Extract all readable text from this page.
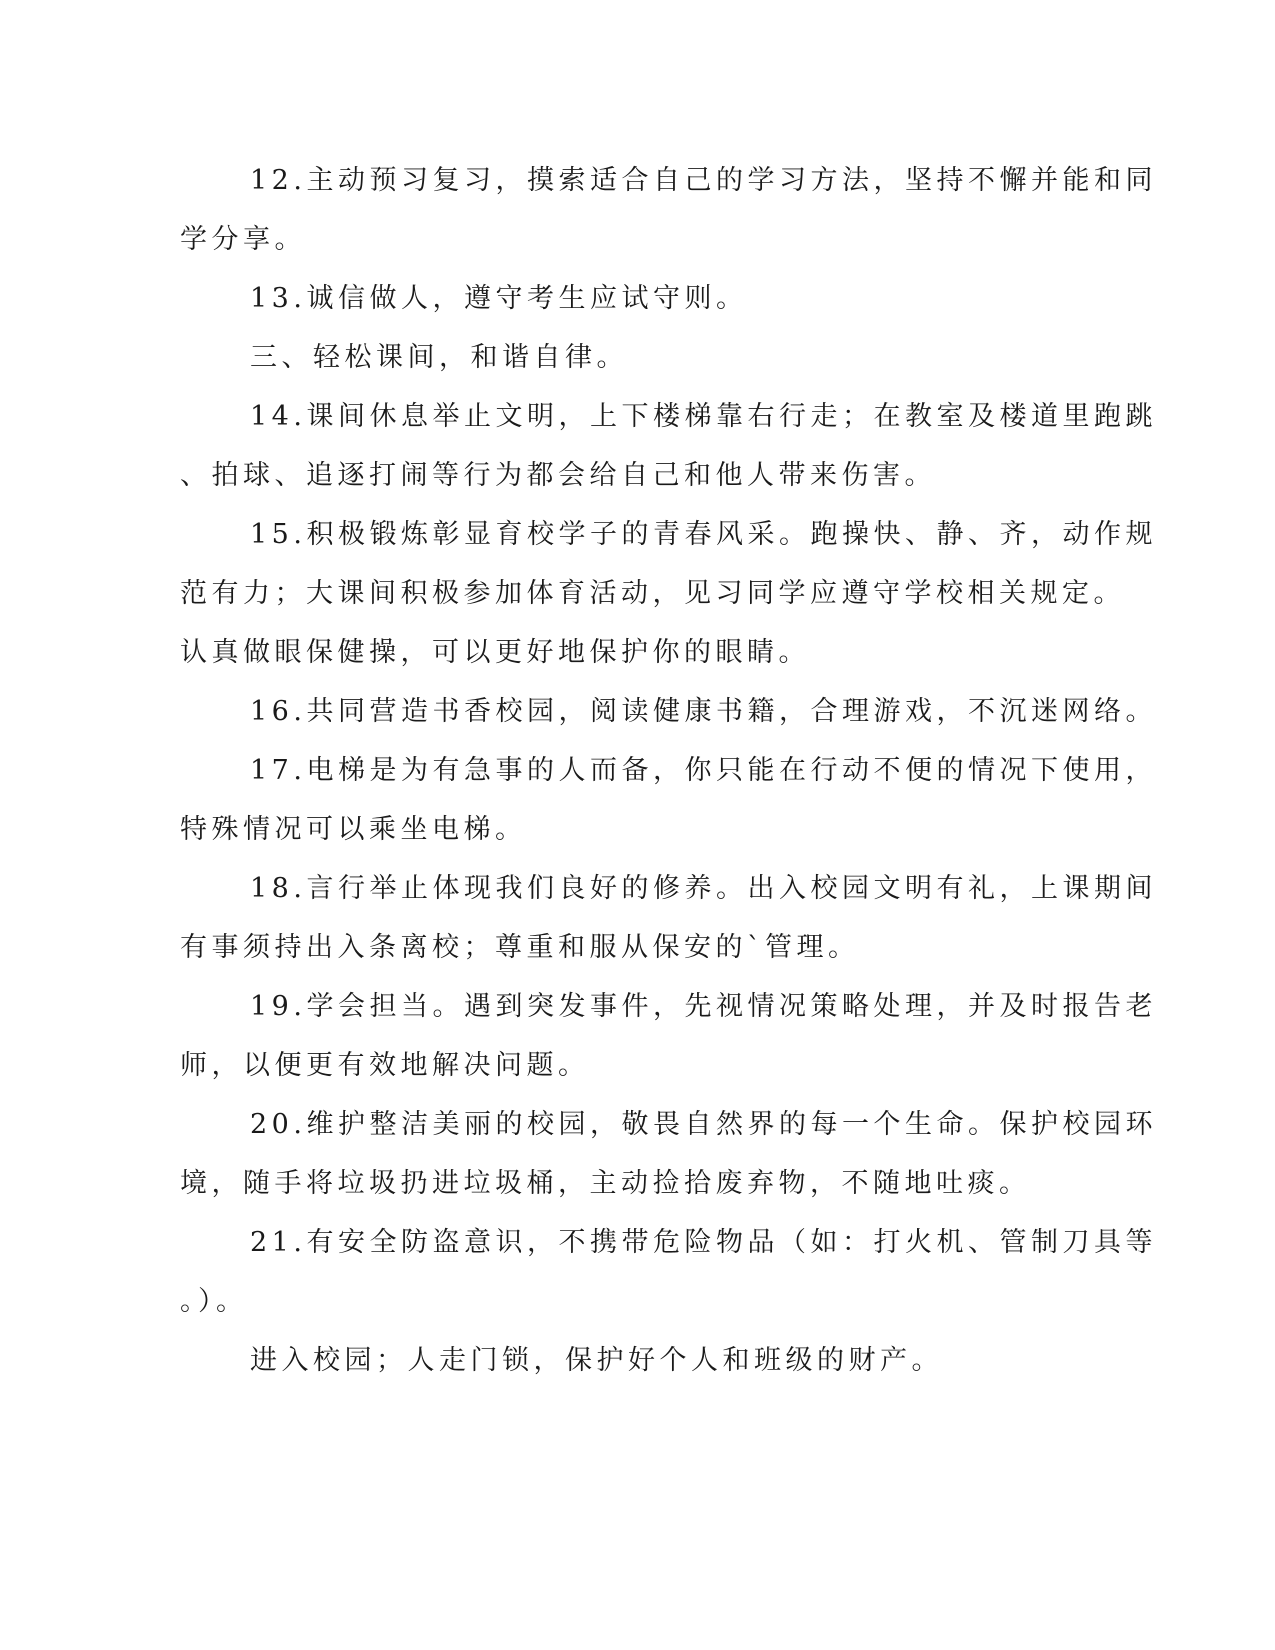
12.主动预习复习，摸索适合自己的学习方法，坚持不懈并能和同
学分享。
13.诚信做人，遵守考生应试守则。
三、轻松课间，和谐自律。
14.课间休息举止文明，上下楼梯靠右行走；在教室及楼道里跑跳
、拍球、追逐打闹等行为都会给自己和他人带来伤害。
15.积极锻炼彰显育校学子的青春风采。跑操快、静、齐，动作规
范有力；大课间积极参加体育活动，见习同学应遵守学校相关规定。
认真做眼保健操，可以更好地保护你的眼睛。
16.共同营造书香校园，阅读健康书籍，合理游戏，不沉迷网络。
17.电梯是为有急事的人而备，你只能在行动不便的情况下使用，
特殊情况可以乘坐电梯。
18.言行举止体现我们良好的修养。出入校园文明有礼，上课期间
有事须持出入条离校；尊重和服从保安的`管理。
19.学会担当。遇到突发事件，先视情况策略处理，并及时报告老
师，以便更有效地解决问题。
20.维护整洁美丽的校园，敬畏自然界的每一个生命。保护校园环
境，随手将垃圾扔进垃圾桶，主动捡拾废弃物，不随地吐痰。
21.有安全防盗意识，不携带危险物品（如：打火机、管制刀具等
。）。
进入校园；人走门锁，保护好个人和班级的财产。
